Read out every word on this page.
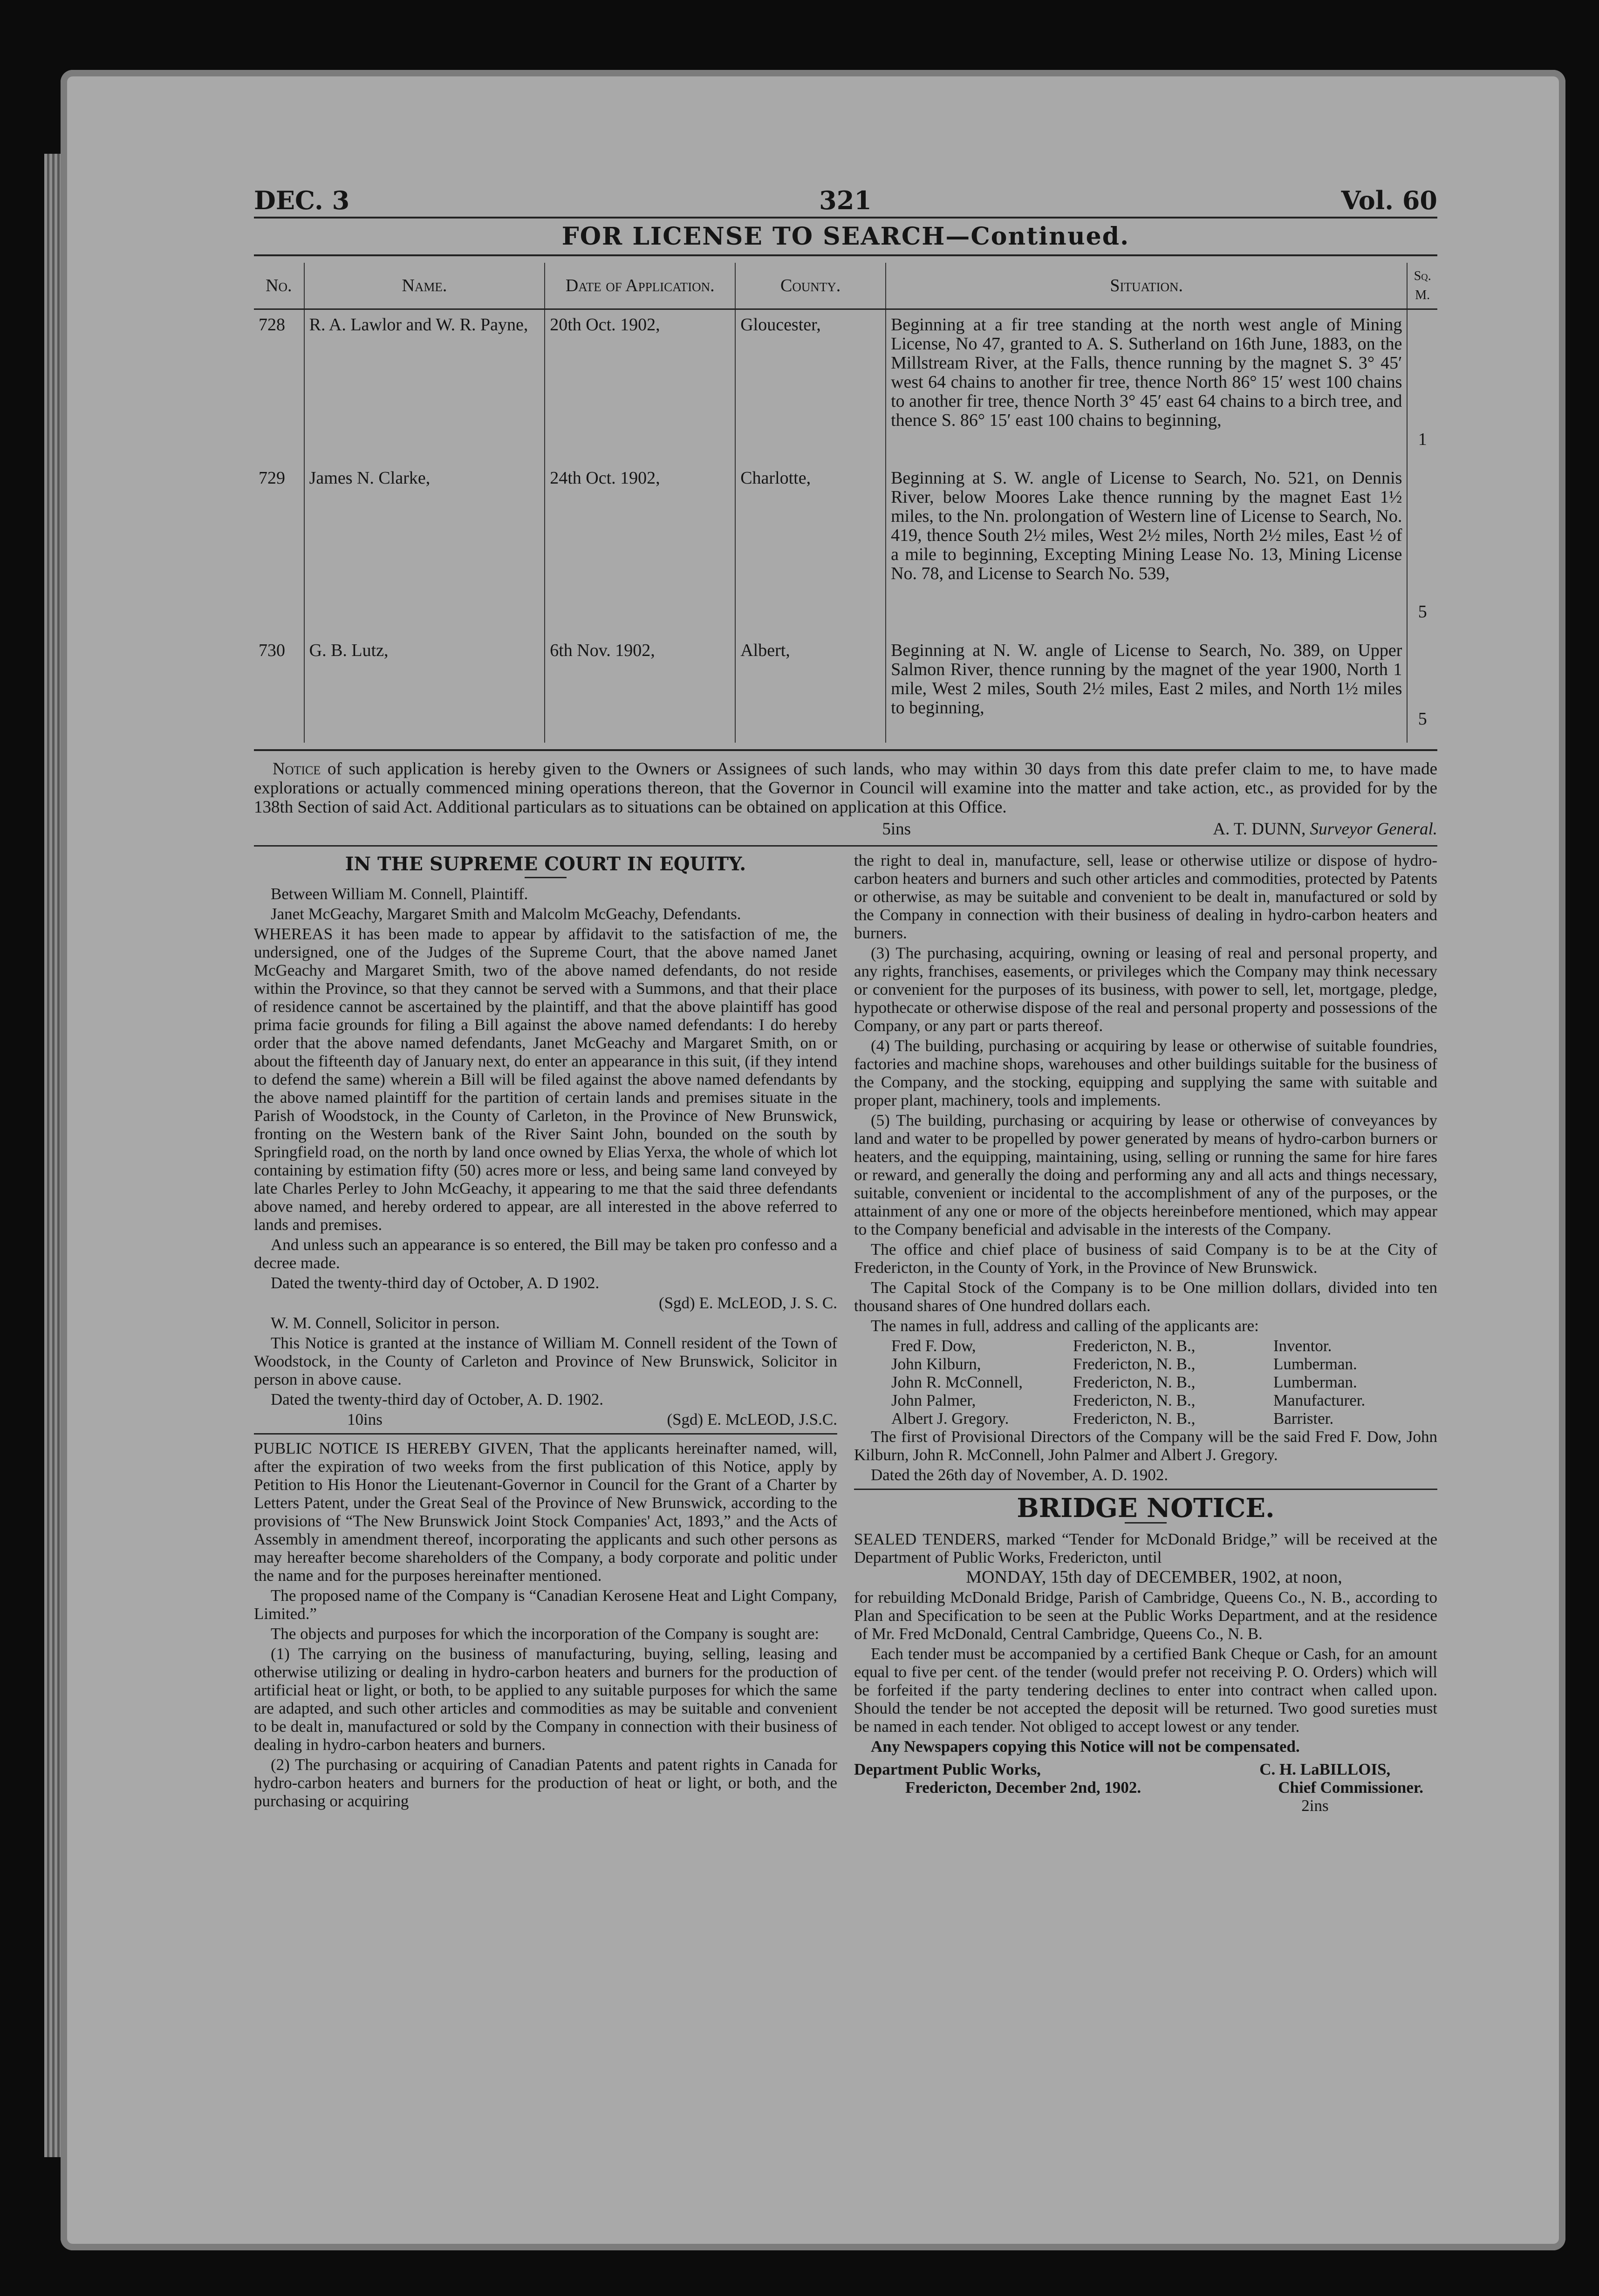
DEC. 3	321	Vol. 60
FOR LICENSE TO SEARCH—Continued.
No.	Name.	Date of Application.	County.	Situation.	Sq. M.
728	R. A. Lawlor and W. R. Payne,	20th Oct. 1902,	Gloucester,	Beginning at a fir tree standing at the north west angle of Mining License, No 47, granted to A. S. Sutherland on 16th June, 1883, on the Millstream River, at the Falls, thence running by the magnet S. 3° 45′ west 64 chains to another fir tree, thence North 86° 15′ west 100 chains to another fir tree, thence North 3° 45′ east 64 chains to a birch tree, and thence S. 86° 15′ east 100 chains to beginning,	1
729	James N. Clarke,	24th Oct. 1902,	Charlotte,	Beginning at S. W. angle of License to Search, No. 521, on Dennis River, below Moores Lake thence running by the magnet East 1½ miles, to the Nn. prolongation of Western line of License to Search, No. 419, thence South 2½ miles, West 2½ miles, North 2½ miles, East ½ of a mile to beginning, Excepting Mining Lease No. 13, Mining License No. 78, and License to Search No. 539,	5
730	G. B. Lutz,	6th Nov. 1902,	Albert,	Beginning at N. W. angle of License to Search, No. 389, on Upper Salmon River, thence running by the magnet of the year 1900, North 1 mile, West 2 miles, South 2½ miles, East 2 miles, and North 1½ miles to beginning,	5
Notice of such application is hereby given to the Owners or Assignees of such lands, who may within 30 days from this date prefer claim to me, to have made explorations or actually commenced mining operations thereon, that the Governor in Council will examine into the matter and take action, etc., as provided for by the 138th Section of said Act. Additional particulars as to situations can be obtained on application at this Office.
5ins	A. T. DUNN, Surveyor General.
IN THE SUPREME COURT IN EQUITY.

Between William M. Connell, Plaintiff.

Janet McGeachy, Margaret Smith and Malcolm McGeachy, Defendants.

WHEREAS it has been made to appear by affidavit to the satisfaction of me, the undersigned, one of the Judges of the Supreme Court, that the above named Janet McGeachy and Margaret Smith, two of the above named defendants, do not reside within the Province, so that they cannot be served with a Summons, and that their place of residence cannot be ascertained by the plaintiff, and that the above plaintiff has good prima facie grounds for filing a Bill against the above named defendants: I do hereby order that the above named defendants, Janet McGeachy and Margaret Smith, on or about the fifteenth day of January next, do enter an appearance in this suit, (if they intend to defend the same) wherein a Bill will be filed against the above named defendants by the above named plaintiff for the partition of certain lands and premises situate in the Parish of Woodstock, in the County of Carleton, in the Province of New Brunswick, fronting on the Western bank of the River Saint John, bounded on the south by Springfield road, on the north by land once owned by Elias Yerxa, the whole of which lot containing by estimation fifty (50) acres more or less, and being same land conveyed by late Charles Perley to John McGeachy, it appearing to me that the said three defendants above named, and hereby ordered to appear, are all interested in the above referred to lands and premises.

And unless such an appearance is so entered, the Bill may be taken pro confesso and a decree made.

Dated the twenty-third day of October, A. D 1902.

(Sgd) E. McLEOD, J. S. C.

W. M. Connell, Solicitor in person.

This Notice is granted at the instance of William M. Connell resident of the Town of Woodstock, in the County of Carleton and Province of New Brunswick, Solicitor in person in above cause.

Dated the twenty-third day of October, A. D. 1902.

10ins	(Sgd) E. McLEOD, J.S.C.

PUBLIC NOTICE IS HEREBY GIVEN, That the applicants hereinafter named, will, after the expiration of two weeks from the first publication of this Notice, apply by Petition to His Honor the Lieutenant-Governor in Council for the Grant of a Charter by Letters Patent, under the Great Seal of the Province of New Brunswick, according to the provisions of “The New Brunswick Joint Stock Companies' Act, 1893,” and the Acts of Assembly in amendment thereof, incorporating the applicants and such other persons as may hereafter become shareholders of the Company, a body corporate and politic under the name and for the purposes hereinafter mentioned.

The proposed name of the Company is “Canadian Kerosene Heat and Light Company, Limited.”

The objects and purposes for which the incorporation of the Company is sought are:

(1) The carrying on the business of manufacturing, buying, selling, leasing and otherwise utilizing or dealing in hydro-carbon heaters and burners for the production of artificial heat or light, or both, to be applied to any suitable purposes for which the same are adapted, and such other articles and commodities as may be suitable and convenient to be dealt in, manufactured or sold by the Company in connection with their business of dealing in hydro-carbon heaters and burners.

(2) The purchasing or acquiring of Canadian Patents and patent rights in Canada for hydro-carbon heaters and burners for the production of heat or light, or both, and the purchasing or acquiring

the right to deal in, manufacture, sell, lease or otherwise utilize or dispose of hydro-carbon heaters and burners and such other articles and commodities, protected by Patents or otherwise, as may be suitable and convenient to be dealt in, manufactured or sold by the Company in connection with their business of dealing in hydro-carbon heaters and burners.

(3) The purchasing, acquiring, owning or leasing of real and personal property, and any rights, franchises, easements, or privileges which the Company may think necessary or convenient for the purposes of its business, with power to sell, let, mortgage, pledge, hypothecate or otherwise dispose of the real and personal property and possessions of the Company, or any part or parts thereof.

(4) The building, purchasing or acquiring by lease or otherwise of suitable foundries, factories and machine shops, warehouses and other buildings suitable for the business of the Company, and the stocking, equipping and supplying the same with suitable and proper plant, machinery, tools and implements.

(5) The building, purchasing or acquiring by lease or otherwise of conveyances by land and water to be propelled by power generated by means of hydro-carbon burners or heaters, and the equipping, maintaining, using, selling or running the same for hire fares or reward, and generally the doing and performing any and all acts and things necessary, suitable, convenient or incidental to the accomplishment of any of the purposes, or the attainment of any one or more of the objects hereinbefore mentioned, which may appear to the Company beneficial and advisable in the interests of the Company.

The office and chief place of business of said Company is to be at the City of Fredericton, in the County of York, in the Province of New Brunswick.

The Capital Stock of the Company is to be One million dollars, divided into ten thousand shares of One hundred dollars each.

The names in full, address and calling of the applicants are:

Fred F. Dow,	Fredericton, N. B.,	Inventor.
John Kilburn,	Fredericton, N. B.,	Lumberman.
John R. McConnell,	Fredericton, N. B.,	Lumberman.
John Palmer,	Fredericton, N. B.,	Manufacturer.
Albert J. Gregory.	Fredericton, N. B.,	Barrister.

The first of Provisional Directors of the Company will be the said Fred F. Dow, John Kilburn, John R. McConnell, John Palmer and Albert J. Gregory.

Dated the 26th day of November, A. D. 1902.

BRIDGE NOTICE.

SEALED TENDERS, marked “Tender for McDonald Bridge,” will be received at the Department of Public Works, Fredericton, until

MONDAY, 15th day of DECEMBER, 1902, at noon,

for rebuilding McDonald Bridge, Parish of Cambridge, Queens Co., N. B., according to Plan and Specification to be seen at the Public Works Department, and at the residence of Mr. Fred McDonald, Central Cambridge, Queens Co., N. B.

Each tender must be accompanied by a certified Bank Cheque or Cash, for an amount equal to five per cent. of the tender (would prefer not receiving P. O. Orders) which will be forfeited if the party tendering declines to enter into contract when called upon. Should the tender be not accepted the deposit will be returned. Two good sureties must be named in each tender. Not obliged to accept lowest or any tender.

Any Newspapers copying this Notice will not be compensated.

Department Public Works,
Fredericton, December 2nd, 1902.
C. H. LaBILLOIS,
Chief Commissioner.
2ins
